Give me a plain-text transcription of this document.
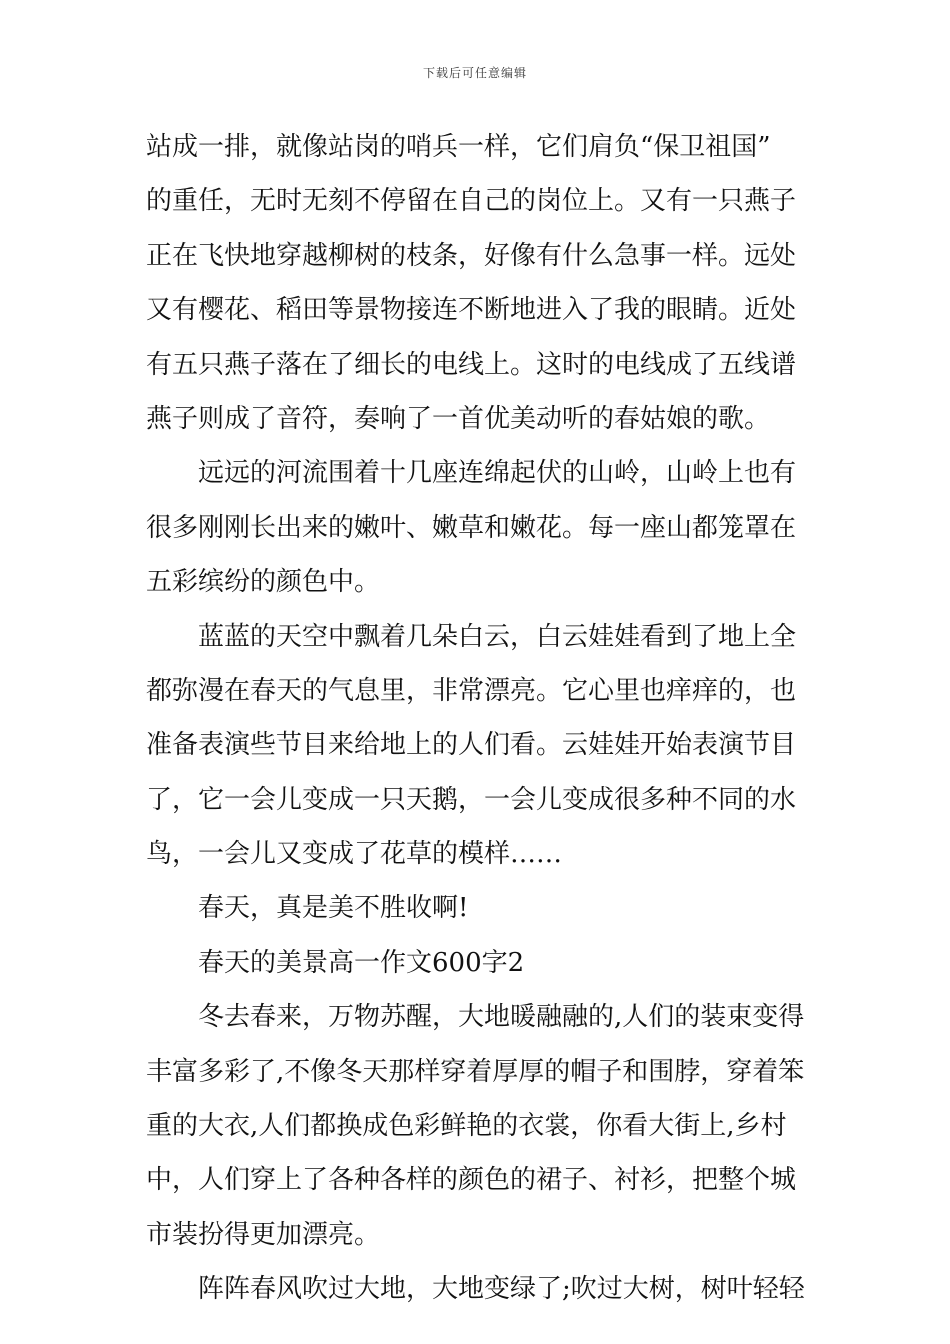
下载后可任意编辑
站成一排，就像站岗的哨兵一样，它们肩负“保卫祖国”
的重任，无时无刻不停留在自己的岗位上。又有一只燕子
正在飞快地穿越柳树的枝条，好像有什么急事一样。远处
又有樱花、稻田等景物接连不断地进入了我的眼睛。近处
有五只燕子落在了细长的电线上。这时的电线成了五线谱
燕子则成了音符，奏响了一首优美动听的春姑娘的歌。
远远的河流围着十几座连绵起伏的山岭，山岭上也有
很多刚刚长出来的嫩叶、嫩草和嫩花。每一座山都笼罩在
五彩缤纷的颜色中。
蓝蓝的天空中飘着几朵白云，白云娃娃看到了地上全
都弥漫在春天的气息里，非常漂亮。它心里也痒痒的，也
准备表演些节目来给地上的人们看。云娃娃开始表演节目
了，它一会儿变成一只天鹅，一会儿变成很多种不同的水
鸟，一会儿又变成了花草的模样……
春天，真是美不胜收啊!
春天的美景高一作文600字2
冬去春来，万物苏醒，大地暖融融的,人们的装束变得
丰富多彩了,不像冬天那样穿着厚厚的帽子和围脖，穿着笨
重的大衣,人们都换成色彩鲜艳的衣裳，你看大街上,乡村
中，人们穿上了各种各样的颜色的裙子、衬衫，把整个城
市装扮得更加漂亮。
阵阵春风吹过大地，大地变绿了;吹过大树，树叶轻轻
